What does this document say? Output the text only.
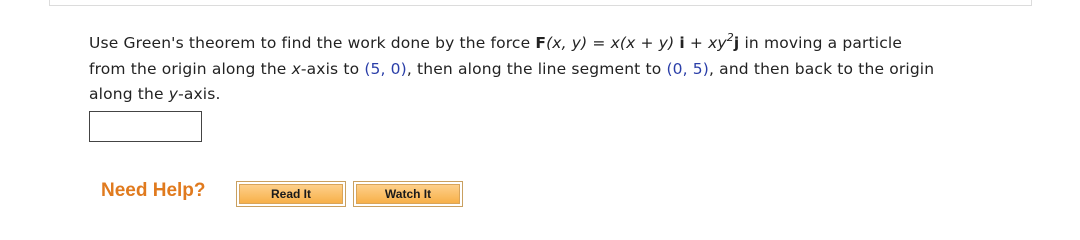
Use Green's theorem to find the work done by the force F(x, y) = x(x + y) $i + xy^2j$ in moving a particle
from the origin along the x-axis to (5, 0), then along the line segment to (0, 5), and then back to the origin
along the y-axis.
Need Help?	Read It	Watch It
